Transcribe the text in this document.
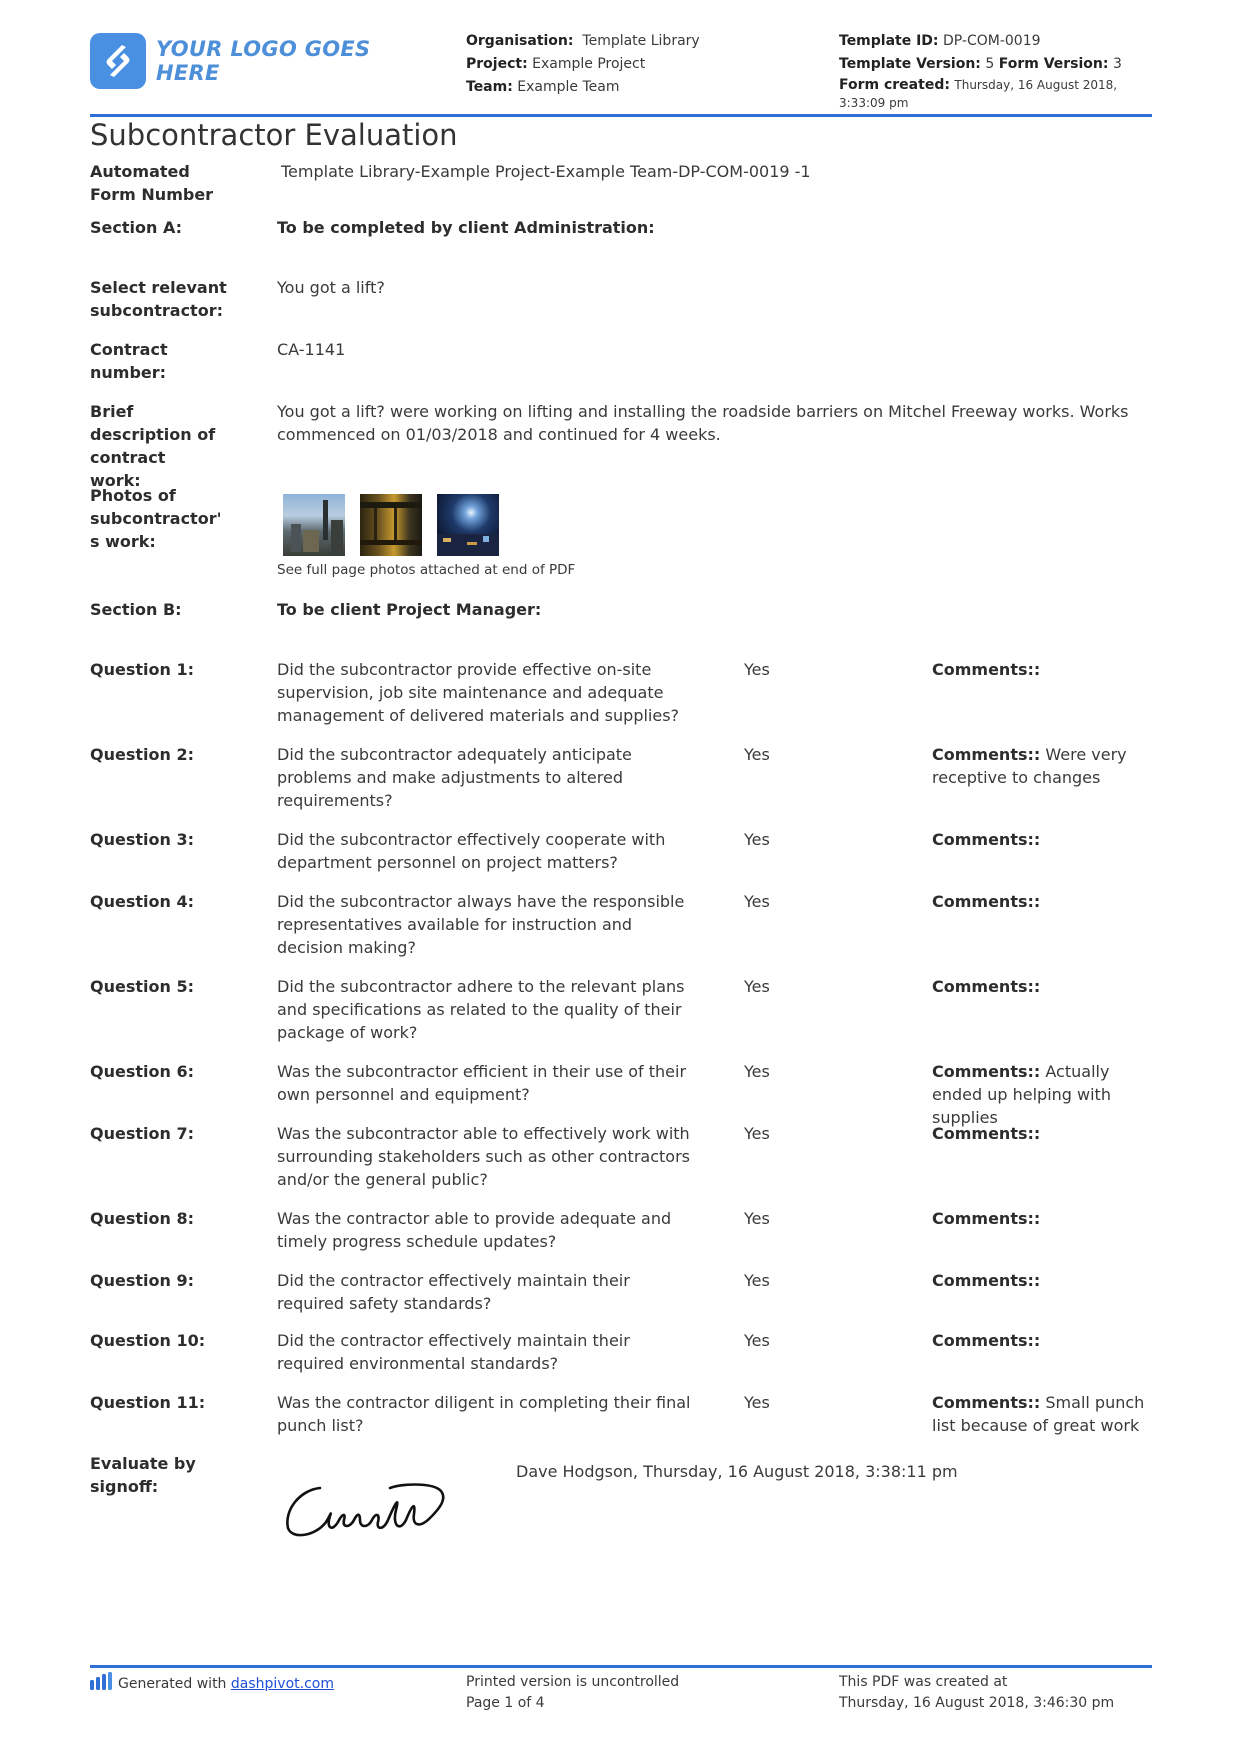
YOUR LOGO GOES HERE
Organisation: Template Library
Project: Example Project
Team: Example Team
Template ID: DP-COM-0019
Template Version: 5 Form Version: 3
Form created: Thursday, 16 August 2018, 3:33:09 pm
Subcontractor Evaluation
Automated Form Number
Template Library-Example Project-Example Team-DP-COM-0019 -1
Section A:	To be completed by client Administration:
Select relevant subcontractor:
You got a lift?
Contract number:
CA-1141
Brief description of contract work:
You got a lift? were working on lifting and installing the roadside barriers on Mitchel Freeway works. Works commenced on 01/03/2018 and continued for 4 weeks.
Photos of subcontractor' s work:
See full page photos attached at end of PDF
Section B:	To be client Project Manager:
Question 1:	Did the subcontractor provide effective on-site supervision, job site maintenance and adequate management of delivered materials and supplies?
Yes	Comments::
Question 2:	Did the subcontractor adequately anticipate problems and make adjustments to altered requirements?
Yes	Comments:: Were very receptive to changes
Question 3:	Did the subcontractor effectively cooperate with department personnel on project matters?
Yes	Comments::
Question 4:	Did the subcontractor always have the responsible representatives available for instruction and decision making?
Yes	Comments::
Question 5:	Did the subcontractor adhere to the relevant plans and specifications as related to the quality of their package of work?
Yes	Comments::
Question 6:	Was the subcontractor efficient in their use of their own personnel and equipment?
Yes	Comments:: Actually ended up helping with supplies
Question 7:	Was the subcontractor able to effectively work with surrounding stakeholders such as other contractors and/or the general public?
Yes	Comments::
Question 8:	Was the contractor able to provide adequate and timely progress schedule updates?
Yes	Comments::
Question 9:	Did the contractor effectively maintain their required safety standards?
Yes	Comments::
Question 10:	Did the contractor effectively maintain their required environmental standards?
Yes	Comments::
Question 11:	Was the contractor diligent in completing their final punch list?
Yes	Comments:: Small punch list because of great work
Evaluate by signoff:
Dave Hodgson, Thursday, 16 August 2018, 3:38:11 pm
Generated with
dashpivot.com	Printed version is uncontrolled
Page 1 of 4
This PDF was created at
Thursday, 16 August 2018, 3:46:30 pm
